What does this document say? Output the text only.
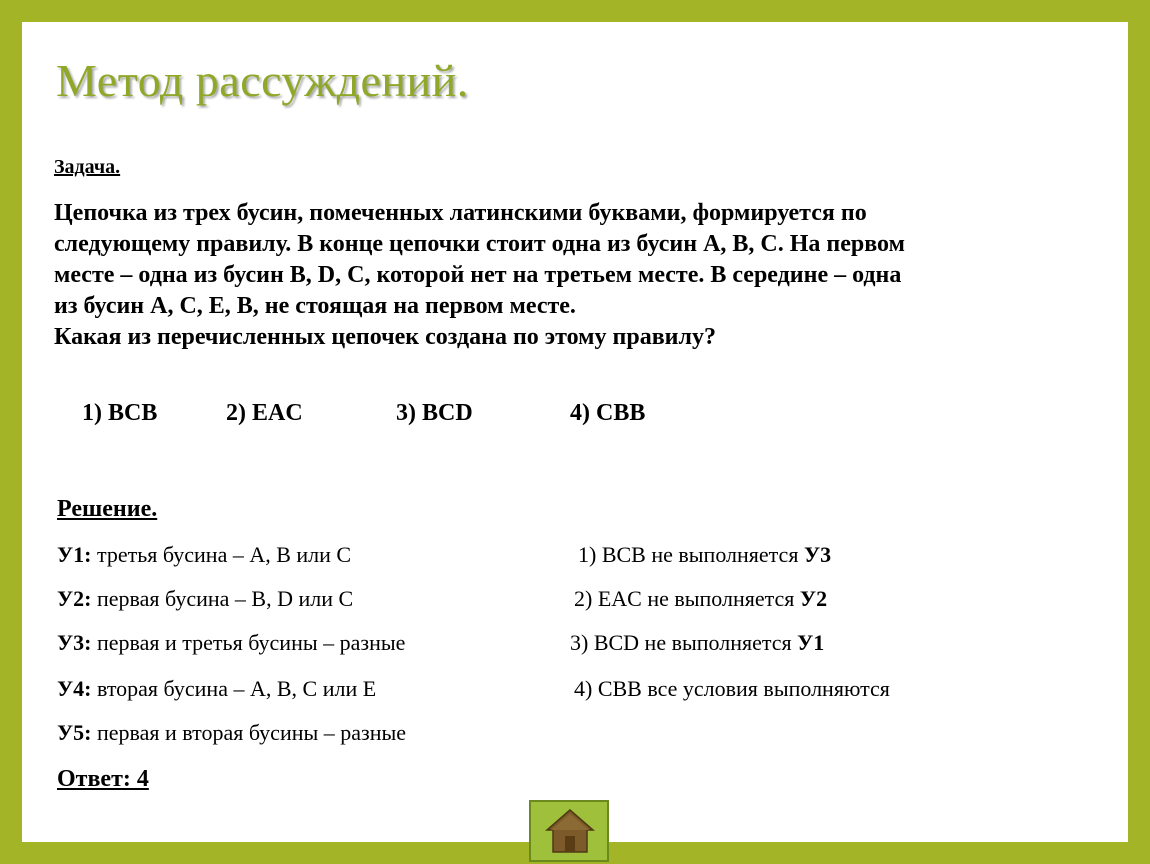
Метод рассуждений.
Задача.

Цепочка из трех бусин, помеченных латинскими буквами, формируется по

следующему правилу. В конце цепочки стоит одна из бусин A, B, C. На первом

месте – одна из бусин B, D, C, которой нет на третьем месте. В середине – одна

из бусин A, C, E, B, не стоящая на первом месте.

Какая из перечисленных цепочек создана по этому правилу?

1) BCB	2) EAC	3) BCD	4) CBB
Решение.
У1: третья бусина – A, B или C
У2: первая бусина – B, D или C
У3: первая и третья бусины – разные
У4: вторая бусина – A, B, C или E
У5: первая и вторая бусины – разные
1) BCB не выполняется У3
2) EAC не выполняется У2
3) BCD не выполняется У1
4) CBB все условия выполняются
Ответ: 4
